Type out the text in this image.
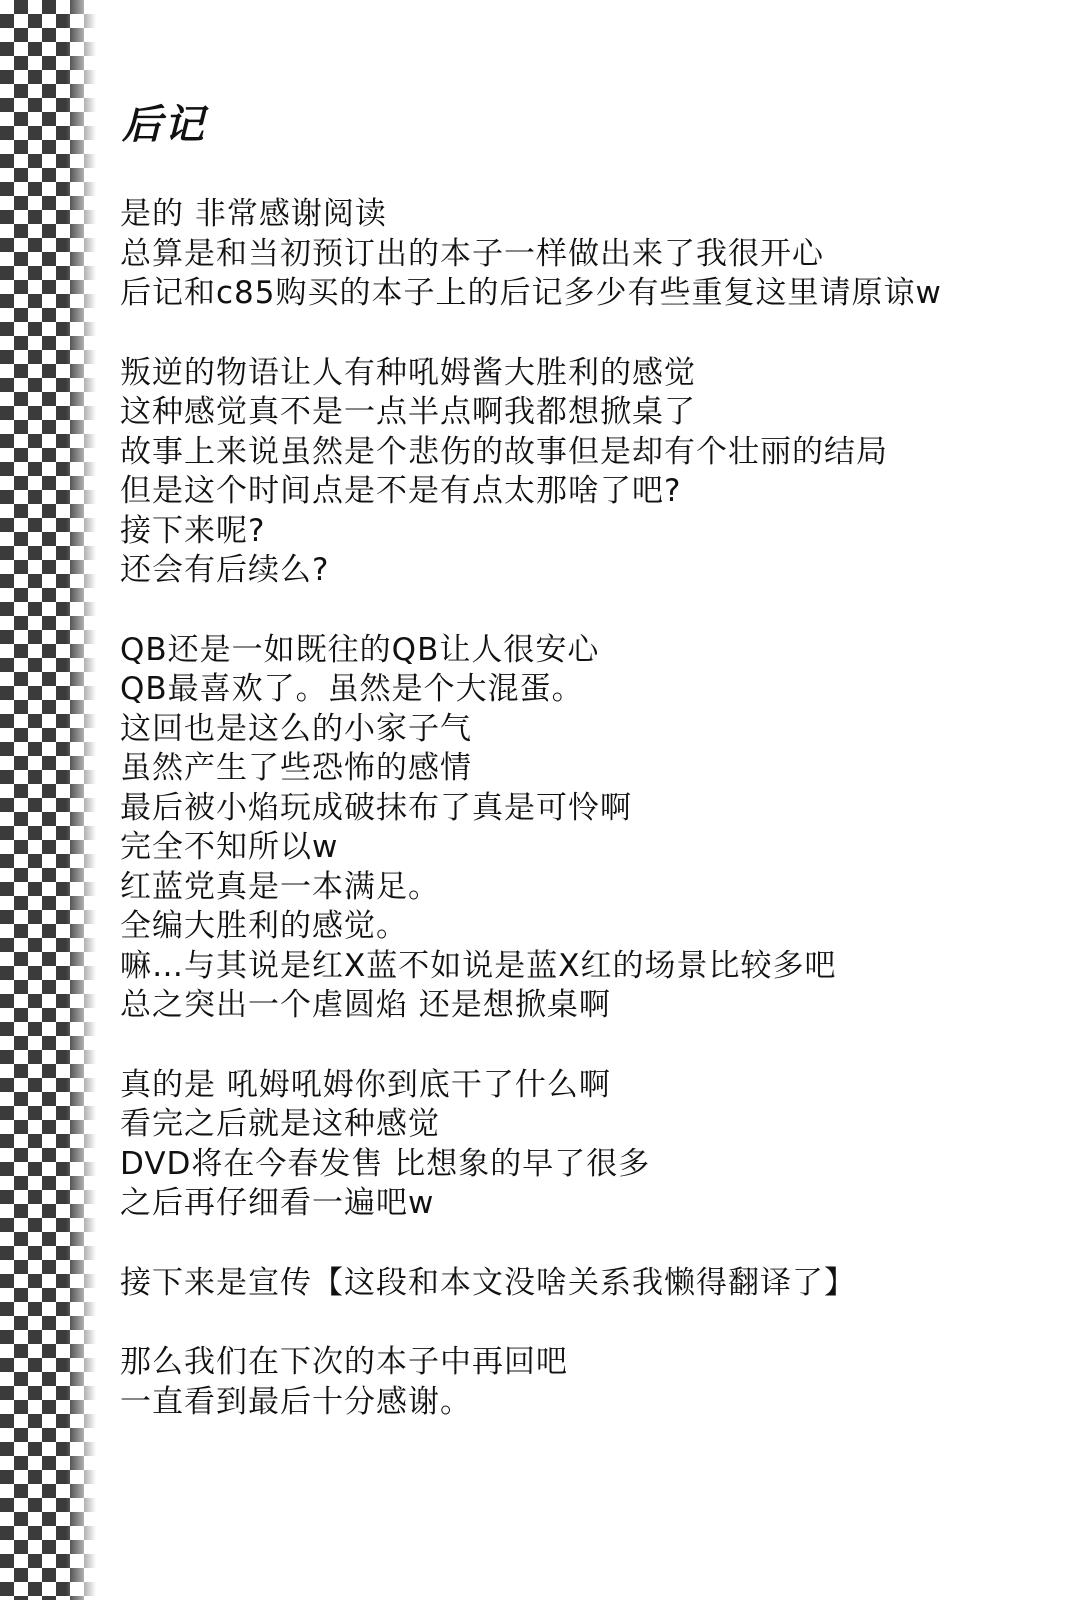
后记
是的 非常感谢阅读
总算是和当初预订出的本子一样做出来了我很开心
后记和c85购买的本子上的后记多少有些重复这里请原谅w
叛逆的物语让人有种吼姆酱大胜利的感觉
这种感觉真不是一点半点啊我都想掀桌了
故事上来说虽然是个悲伤的故事但是却有个壮丽的结局
但是这个时间点是不是有点太那啥了吧?
接下来呢?
还会有后续么?
QB还是一如既往的QB让人很安心
QB最喜欢了。虽然是个大混蛋。
这回也是这么的小家子气
虽然产生了些恐怖的感情
最后被小焰玩成破抹布了真是可怜啊
完全不知所以w
红蓝党真是一本满足。
全编大胜利的感觉。
嘛…与其说是红X蓝不如说是蓝X红的场景比较多吧
总之突出一个虐圆焰 还是想掀桌啊
真的是 吼姆吼姆你到底干了什么啊
看完之后就是这种感觉
DVD将在今春发售 比想象的早了很多
之后再仔细看一遍吧w
接下来是宣传【这段和本文没啥关系我懒得翻译了】
那么我们在下次的本子中再回吧
一直看到最后十分感谢。
